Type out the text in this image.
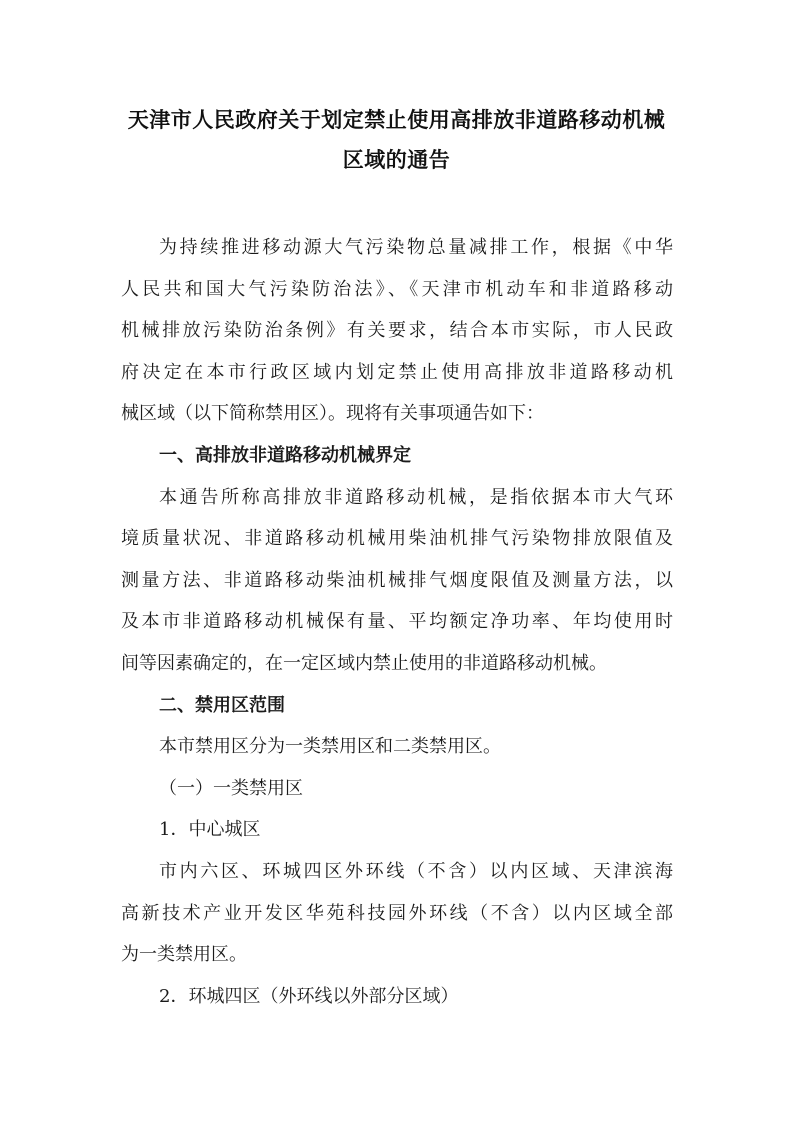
天津市人民政府关于划定禁止使用高排放非道路移动机械
区域的通告
为持续推进移动源大气污染物总量减排工作，根据《中华
人民共和国大气污染防治法》、《天津市机动车和非道路移动
机械排放污染防治条例》有关要求，结合本市实际，市人民政
府决定在本市行政区域内划定禁止使用高排放非道路移动机
械区域（以下简称禁用区）。现将有关事项通告如下：
一、高排放非道路移动机械界定
本通告所称高排放非道路移动机械，是指依据本市大气环
境质量状况、非道路移动机械用柴油机排气污染物排放限值及
测量方法、非道路移动柴油机械排气烟度限值及测量方法，以
及本市非道路移动机械保有量、平均额定净功率、年均使用时
间等因素确定的，在一定区域内禁止使用的非道路移动机械。
二、禁用区范围
本市禁用区分为一类禁用区和二类禁用区。
（一）一类禁用区
1．中心城区
市内六区、环城四区外环线（不含）以内区域、天津滨海
高新技术产业开发区华苑科技园外环线（不含）以内区域全部
为一类禁用区。
2．环城四区（外环线以外部分区域）
